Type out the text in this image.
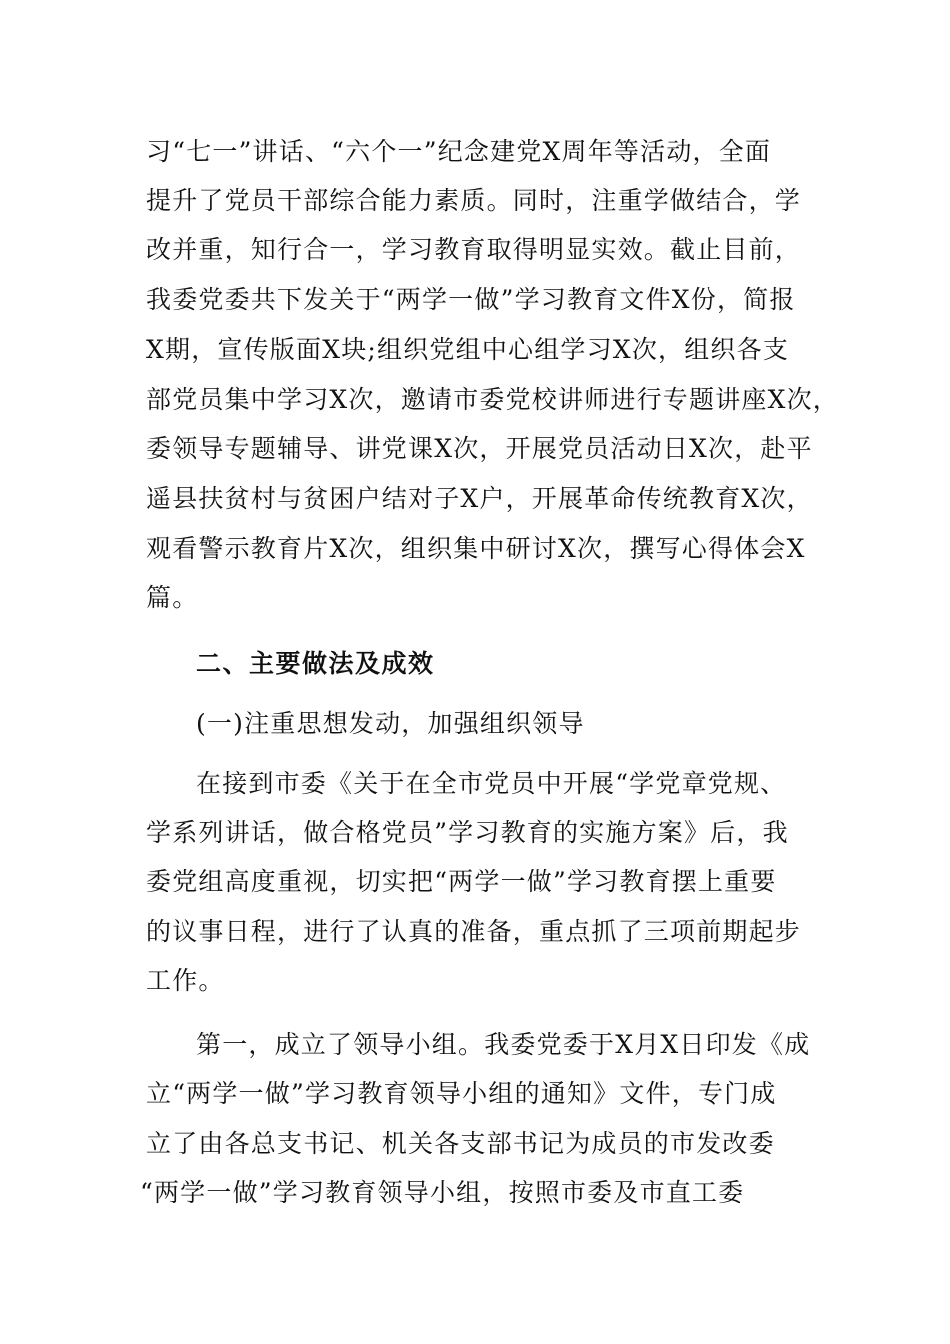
习“七一”讲话、“六个一”纪念建党X周年等活动，全面
提升了党员干部综合能力素质。同时，注重学做结合，学
改并重，知行合一，学习教育取得明显实效。截止目前，
我委党委共下发关于“两学一做”学习教育文件X份，简报
X期，宣传版面X块;组织党组中心组学习X次，组织各支
部党员集中学习X次，邀请市委党校讲师进行专题讲座X次，
委领导专题辅导、讲党课X次，开展党员活动日X次，赴平
遥县扶贫村与贫困户结对子X户，开展革命传统教育X次，
观看警示教育片X次，组织集中研讨X次，撰写心得体会X
篇。
二、主要做法及成效
(一)注重思想发动，加强组织领导
在接到市委《关于在全市党员中开展“学党章党规、
学系列讲话，做合格党员”学习教育的实施方案》后，我
委党组高度重视，切实把“两学一做”学习教育摆上重要
的议事日程，进行了认真的准备，重点抓了三项前期起步
工作。
第一，成立了领导小组。我委党委于X月X日印发《成
立“两学一做”学习教育领导小组的通知》文件，专门成
立了由各总支书记、机关各支部书记为成员的市发改委
“两学一做”学习教育领导小组，按照市委及市直工委
